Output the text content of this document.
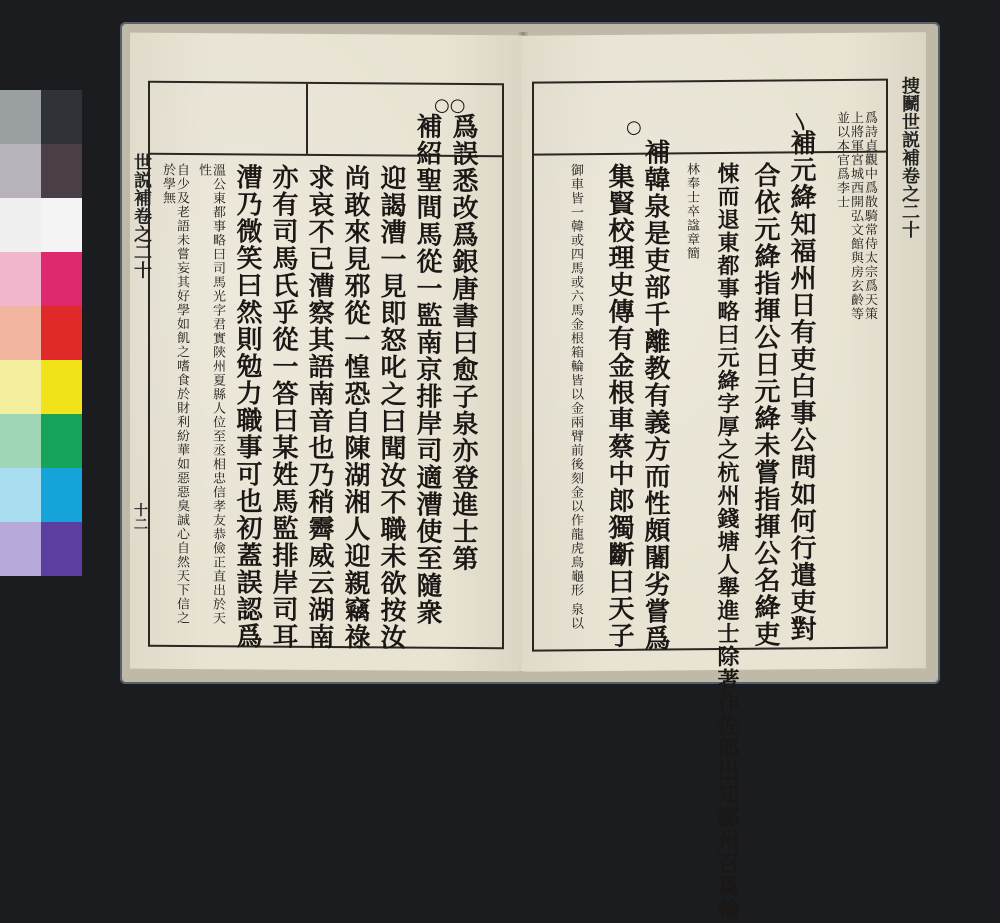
○○
爲誤悉改爲銀唐書曰愈子泉亦登進士第
補紹聖間馬從一監南京排岸司適漕使至隨衆
迎謁漕一見即怒叱之曰聞汝不職未欲按汝
尚敢來見邪從一惶恐自陳湖湘人迎親竊祿
求哀不已漕察其語南音也乃稍霽威云湖南
亦有司馬氏乎從一答曰某姓馬監排岸司耳
漕乃微笑曰然則勉力職事可也初蓋誤認爲
溫公東都事略曰司馬光字君實陝州夏縣人位至丞相忠信孝友恭儉正直出於天性
自少及老語未嘗妄其好學如飢之嗜食於財利紛華如惡惡臭誠心自然天下信之於學無
世説補卷之二十
十二
〵
○	爲詩貞觀中爲散騎常侍太宗爲天策上將軍宮城西開弘文館與房玄齡等並以本官爲李士
補元絳知福州日有吏白事公問如何行遣吏對
合依元絳指揮公日元絳未嘗指揮公名絳吏
悚而退東都事略曰元絳字厚之杭州錢塘人舉進士除著作佐郎出知鄞州召爲翰
林奉士卒諡章簡
補韓泉是吏部千離教有義方而性頗闍劣嘗爲
集賢校理史傳有金根車蔡中郎獨斷曰天子
御車皆一韓或四馬或六馬金根箱輪皆以金兩臂前後刻金以作龍虎鳥龜形 泉以
捜鬭世説補卷之二十
